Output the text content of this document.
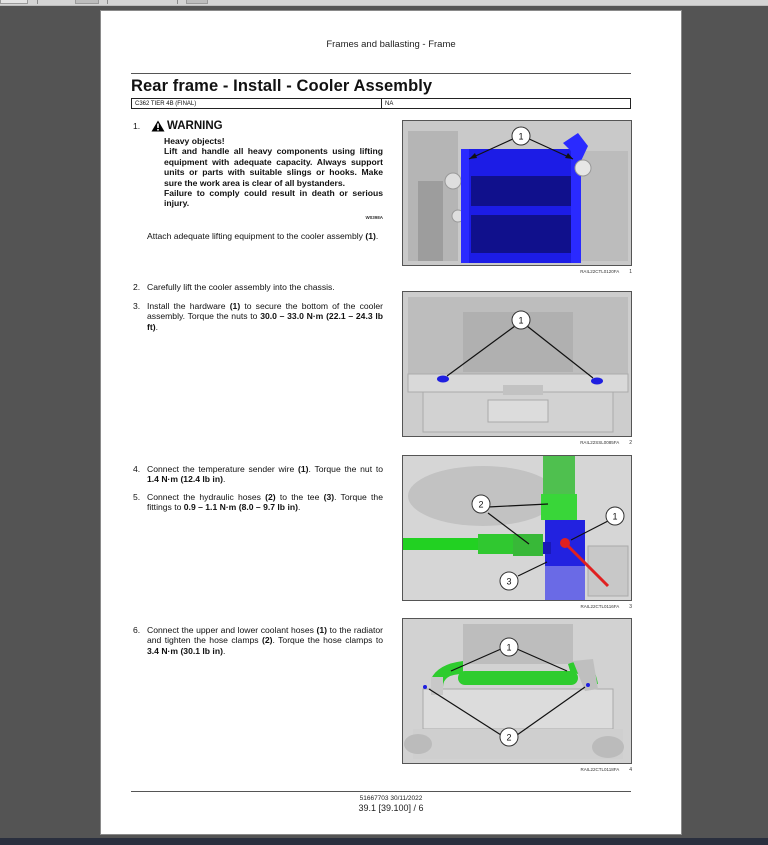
Frames and ballasting - Frame
Rear frame - Install - Cooler Assembly
C362 TIER 4B (FINAL)	NA
1. WARNING
Heavy objects!
Lift and handle all heavy components using lifting equipment with adequate capacity. Always support units or parts with suitable slings or hooks. Make sure the work area is clear of all bystanders.
Failure to comply could result in death or serious injury.
W0398A
Attach adequate lifting equipment to the cooler assembly (1).
2. Carefully lift the cooler assembly into the chassis.
3. Install the hardware (1) to secure the bottom of the cooler assembly. Torque the nuts to 30.0 – 33.0 N·m (22.1 – 24.3 lb ft).
4. Connect the temperature sender wire (1). Torque the nut to 1.4 N·m (12.4 lb in).
5. Connect the hydraulic hoses (2) to the tee (3). Torque the fittings to 0.9 – 1.1 N·m (8.0 – 9.7 lb in).
6. Connect the upper and lower coolant hoses (1) to the radiator and tighten the hose clamps (2). Torque the hose clamps to 3.4 N·m (30.1 lb in).
1
RAIL22CTL0120FA 1
1
RAIL22SSL0085FA 2
2
1
3
RAIL22CTL0116FA 3
1
2
RAIL22CTL0118FA 4
51667703 30/11/2022
39.1 [39.100] / 6
